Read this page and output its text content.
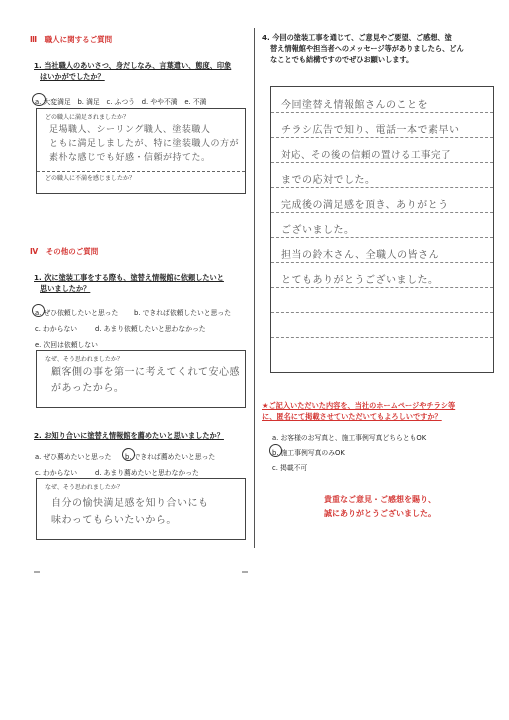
Ⅲ　職人に関するご質問
1. 当社職人のあいさつ、身だしなみ、言葉遣い、態度、印象
はいかがでしたか？
a. 大変満足　b. 満足　c. ふつう　d. やや不満　e. 不満
どの職人に満足されましたか？
足場職人、シーリング職人、塗装職人
ともに満足しましたが、特に塗装職人の方が
素朴な感じでも好感・信頼が持てた。
どの職人に不満を感じましたか？
Ⅳ　その他のご質問
1. 次に塗装工事をする際も、塗替え情報館に依頼したいと
思いましたか？
a. ぜひ依頼したいと思った b. できれば依頼したいと思った
c. わからない	d. あまり依頼したいと思わなかった
e. 次回は依頼しない
なぜ、そう思われましたか？
顧客側の事を第一に考えてくれて安心感
があったから。
2. お知り合いに塗替え情報館を薦めたいと思いましたか？
a. ぜひ薦めたいと思った b. できれば薦めたいと思った
c. わからない	d. あまり薦めたいと思わなかった
なぜ、そう思われましたか？
自分の愉快満足感を知り合いにも
味わってもらいたいから。
4. 今回の塗装工事を通じて、ご意見やご要望、ご感想、塗
替え情報館や担当者へのメッセージ等がありましたら、どん
なことでも結構ですのでぜひお願いします。
今回塗替え情報館さんのことを
チラシ広告で知り、電話一本で素早い
対応、その後の信頼の置ける工事完了
までの応対でした。
完成後の満足感を頂き、ありがとう
ございました。
担当の鈴木さん、全職人の皆さん
とてもありがとうございました。
★ご記入いただいた内容を、当社のホームページやチラシ等
に、匿名にて掲載させていただいてもよろしいですか？
a. お客様のお写真と、施工事例写真どちらともOK
b. 施工事例写真のみOK
c. 掲載不可
貴重なご意見・ご感想を賜り、
誠にありがとうございました。
